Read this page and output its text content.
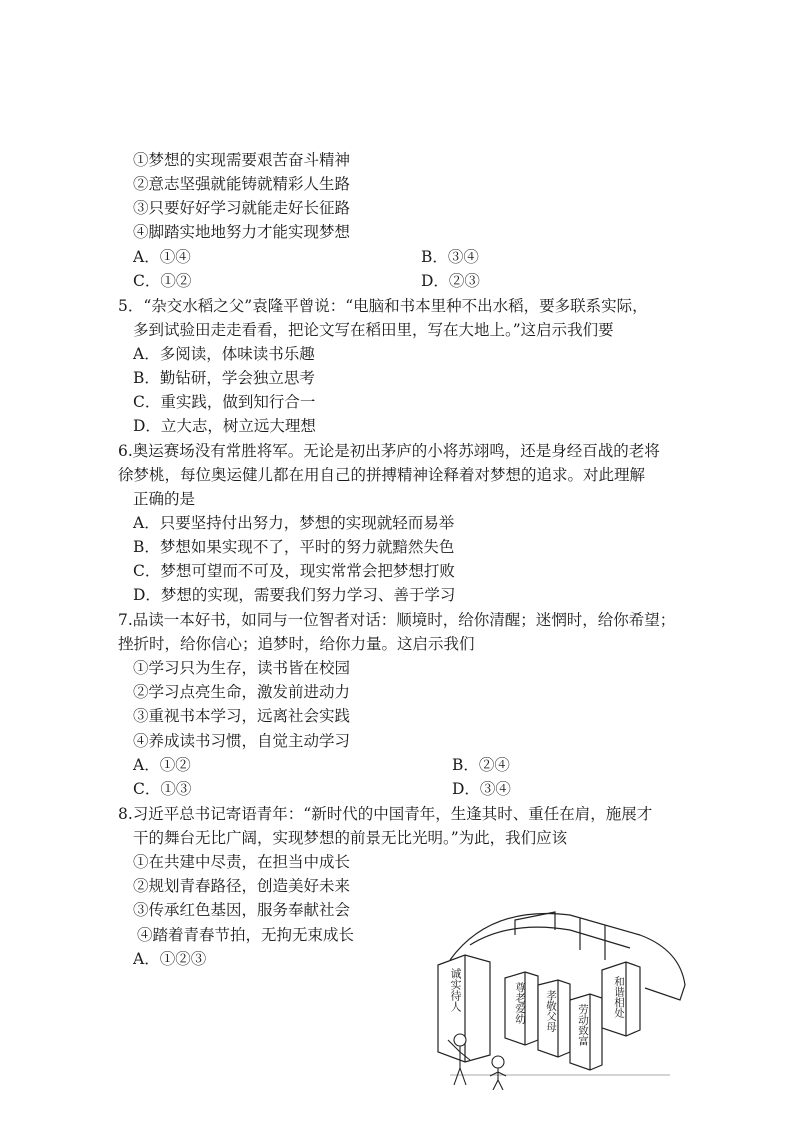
①梦想的实现需要艰苦奋斗精神
②意志坚强就能铸就精彩人生路
③只要好好学习就能走好长征路
④脚踏实地地努力才能实现梦想
A．①④	B．③④
C．①②	D．②③
5．“杂交水稻之父”袁隆平曾说：“电脑和书本里种不出水稻，要多联系实际，
多到试验田走走看看，把论文写在稻田里，写在大地上。”这启示我们要
A．多阅读，体味读书乐趣
B．勤钻研，学会独立思考
C．重实践，做到知行合一
D．立大志，树立远大理想
6.奥运赛场没有常胜将军。无论是初出茅庐的小将苏翊鸣，还是身经百战的老将
徐梦桃，每位奥运健儿都在用自己的拼搏精神诠释着对梦想的追求。对此理解
正确的是
A．只要坚持付出努力，梦想的实现就轻而易举
B．梦想如果实现不了，平时的努力就黯然失色
C．梦想可望而不可及，现实常常会把梦想打败
D．梦想的实现，需要我们努力学习、善于学习
7.品读一本好书，如同与一位智者对话：顺境时，给你清醒；迷惘时，给你希望；
挫折时，给你信心；追梦时，给你力量。这启示我们
①学习只为生存，读书皆在校园
②学习点亮生命，激发前进动力
③重视书本学习，远离社会实践
④养成读书习惯，自觉主动学习
A．①②	B．②④
C．①③	D．③④
8.习近平总书记寄语青年：“新时代的中国青年，生逢其时、重任在肩，施展才
干的舞台无比广阔，实现梦想的前景无比光明。”为此，我们应该
①在共建中尽责，在担当中成长
②规划青春路径，创造美好未来
③传承红色基因，服务奉献社会
④踏着青春节拍，无拘无束成长
A．①②③
诚实待人	尊老爱幼 孝敬父母 劳动致富
和谐相处
